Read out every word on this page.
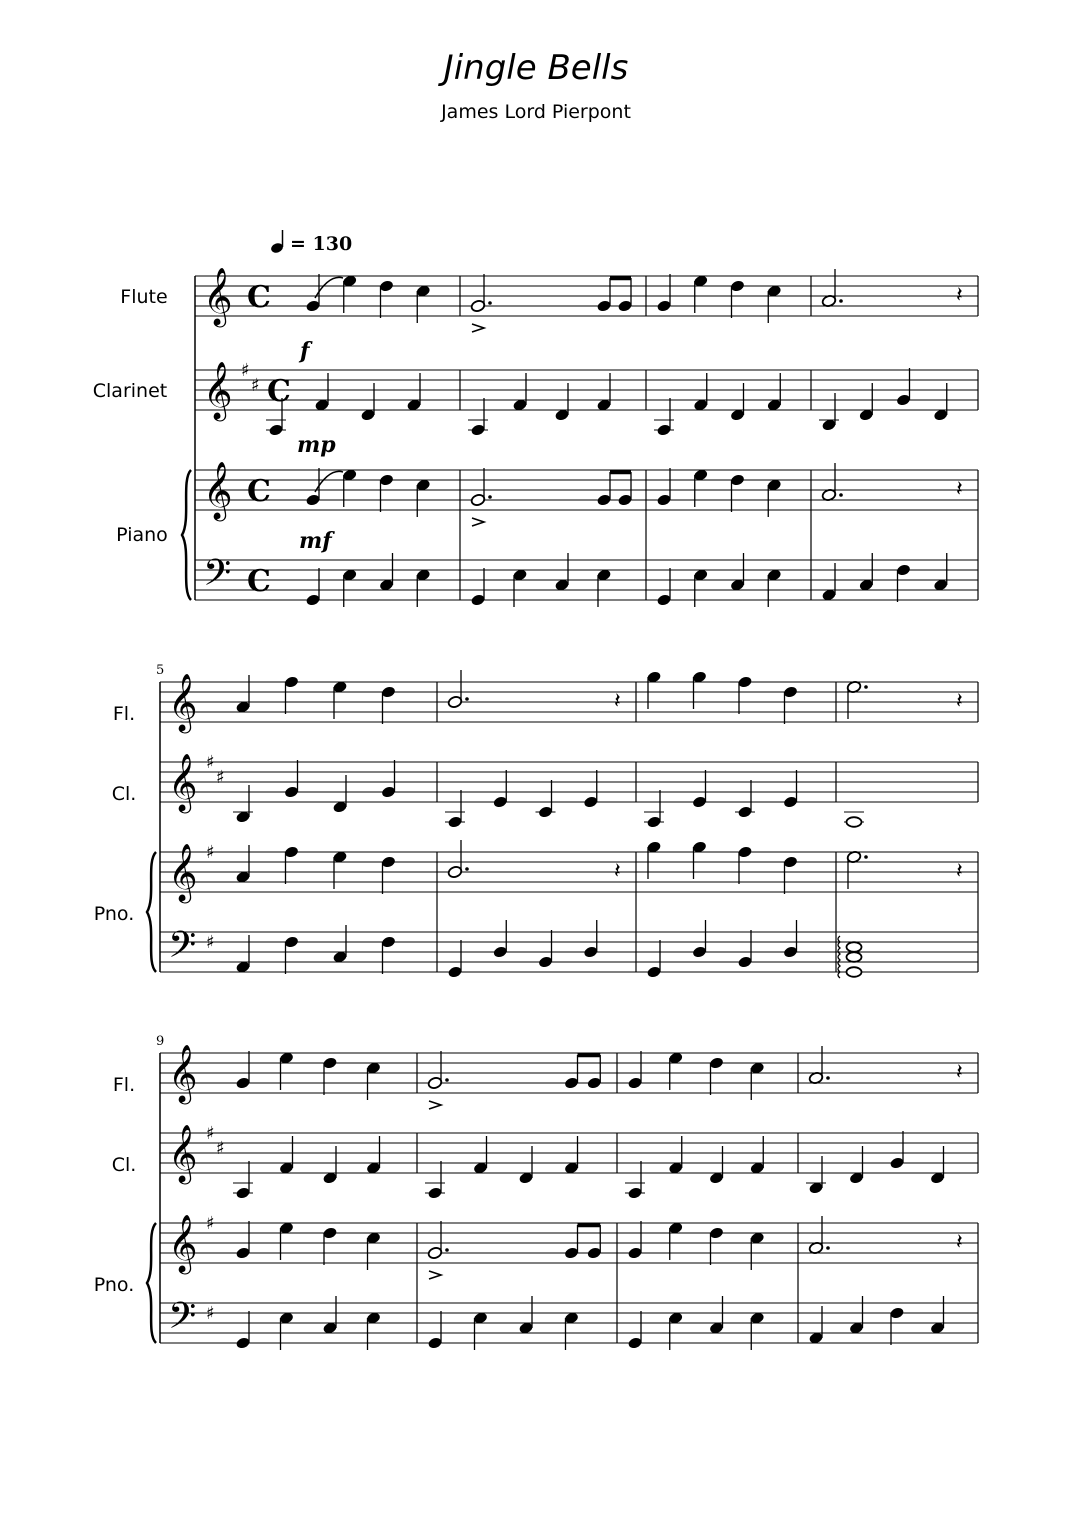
Jingle Bells
James Lord Pierpont
= 130
Flute
Clarinet
Piano
Fl.
Cl.
Pno.
Fl.
Cl.
Pno.
5
9
f
mp
mf
𝄞 C	𝄽
𝄞 ♯
♯ C
𝄞 C	𝄽
𝄢 C
𝄞	𝄽	𝄽
𝄞 ♯
♯
𝄞 ♯
𝄽	𝄽
𝄢 ♯
𝄞	𝄽
𝄞 ♯
♯
𝄞 ♯
𝄽
𝄢 ♯
